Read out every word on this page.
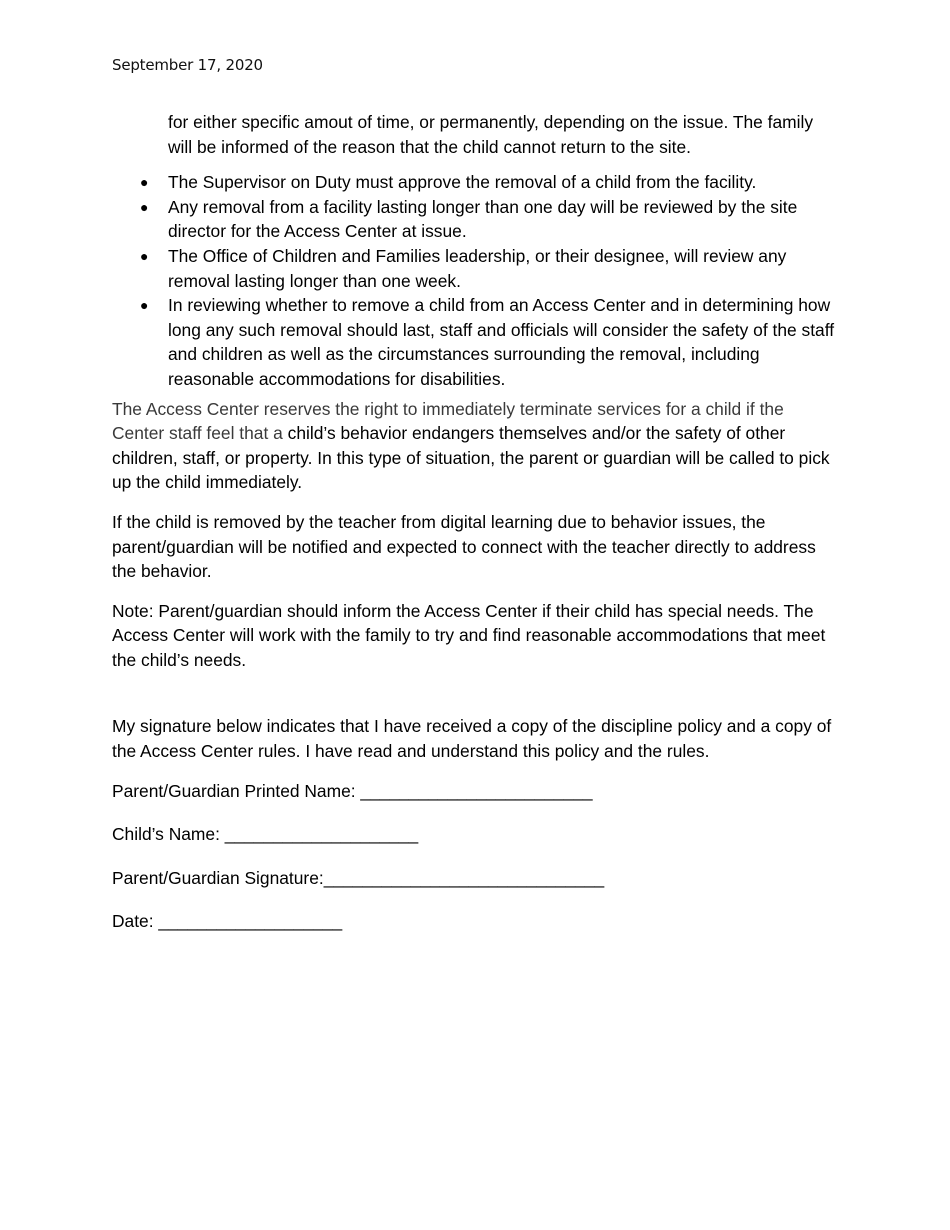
September 17, 2020

for either specific amout of time, or permanently, depending on the issue. The family will be informed of the reason that the child cannot return to the site.

● The Supervisor on Duty must approve the removal of a child from the facility.
● Any removal from a facility lasting longer than one day will be reviewed by the site director for the Access Center at issue.
● The Office of Children and Families leadership, or their designee, will review any removal lasting longer than one week.
● In reviewing whether to remove a child from an Access Center and in determining how long any such removal should last, staff and officials will consider the safety of the staff and children as well as the circumstances surrounding the removal, including reasonable accommodations for disabilities.

The Access Center reserves the right to immediately terminate services for a child if the Center staff feel that a child’s behavior endangers themselves and/or the safety of other children, staff, or property. In this type of situation, the parent or guardian will be called to pick up the child immediately.

If the child is removed by the teacher from digital learning due to behavior issues, the parent/guardian will be notified and expected to connect with the teacher directly to address the behavior.

Note: Parent/guardian should inform the Access Center if their child has special needs. The Access Center will work with the family to try and find reasonable accommodations that meet the child’s needs.

My signature below indicates that I have received a copy of the discipline policy and a copy of the Access Center rules. I have read and understand this policy and the rules.

Parent/Guardian Printed Name: ________________________
Child’s Name: ____________________
Parent/Guardian Signature:_____________________________
Date: ___________________
